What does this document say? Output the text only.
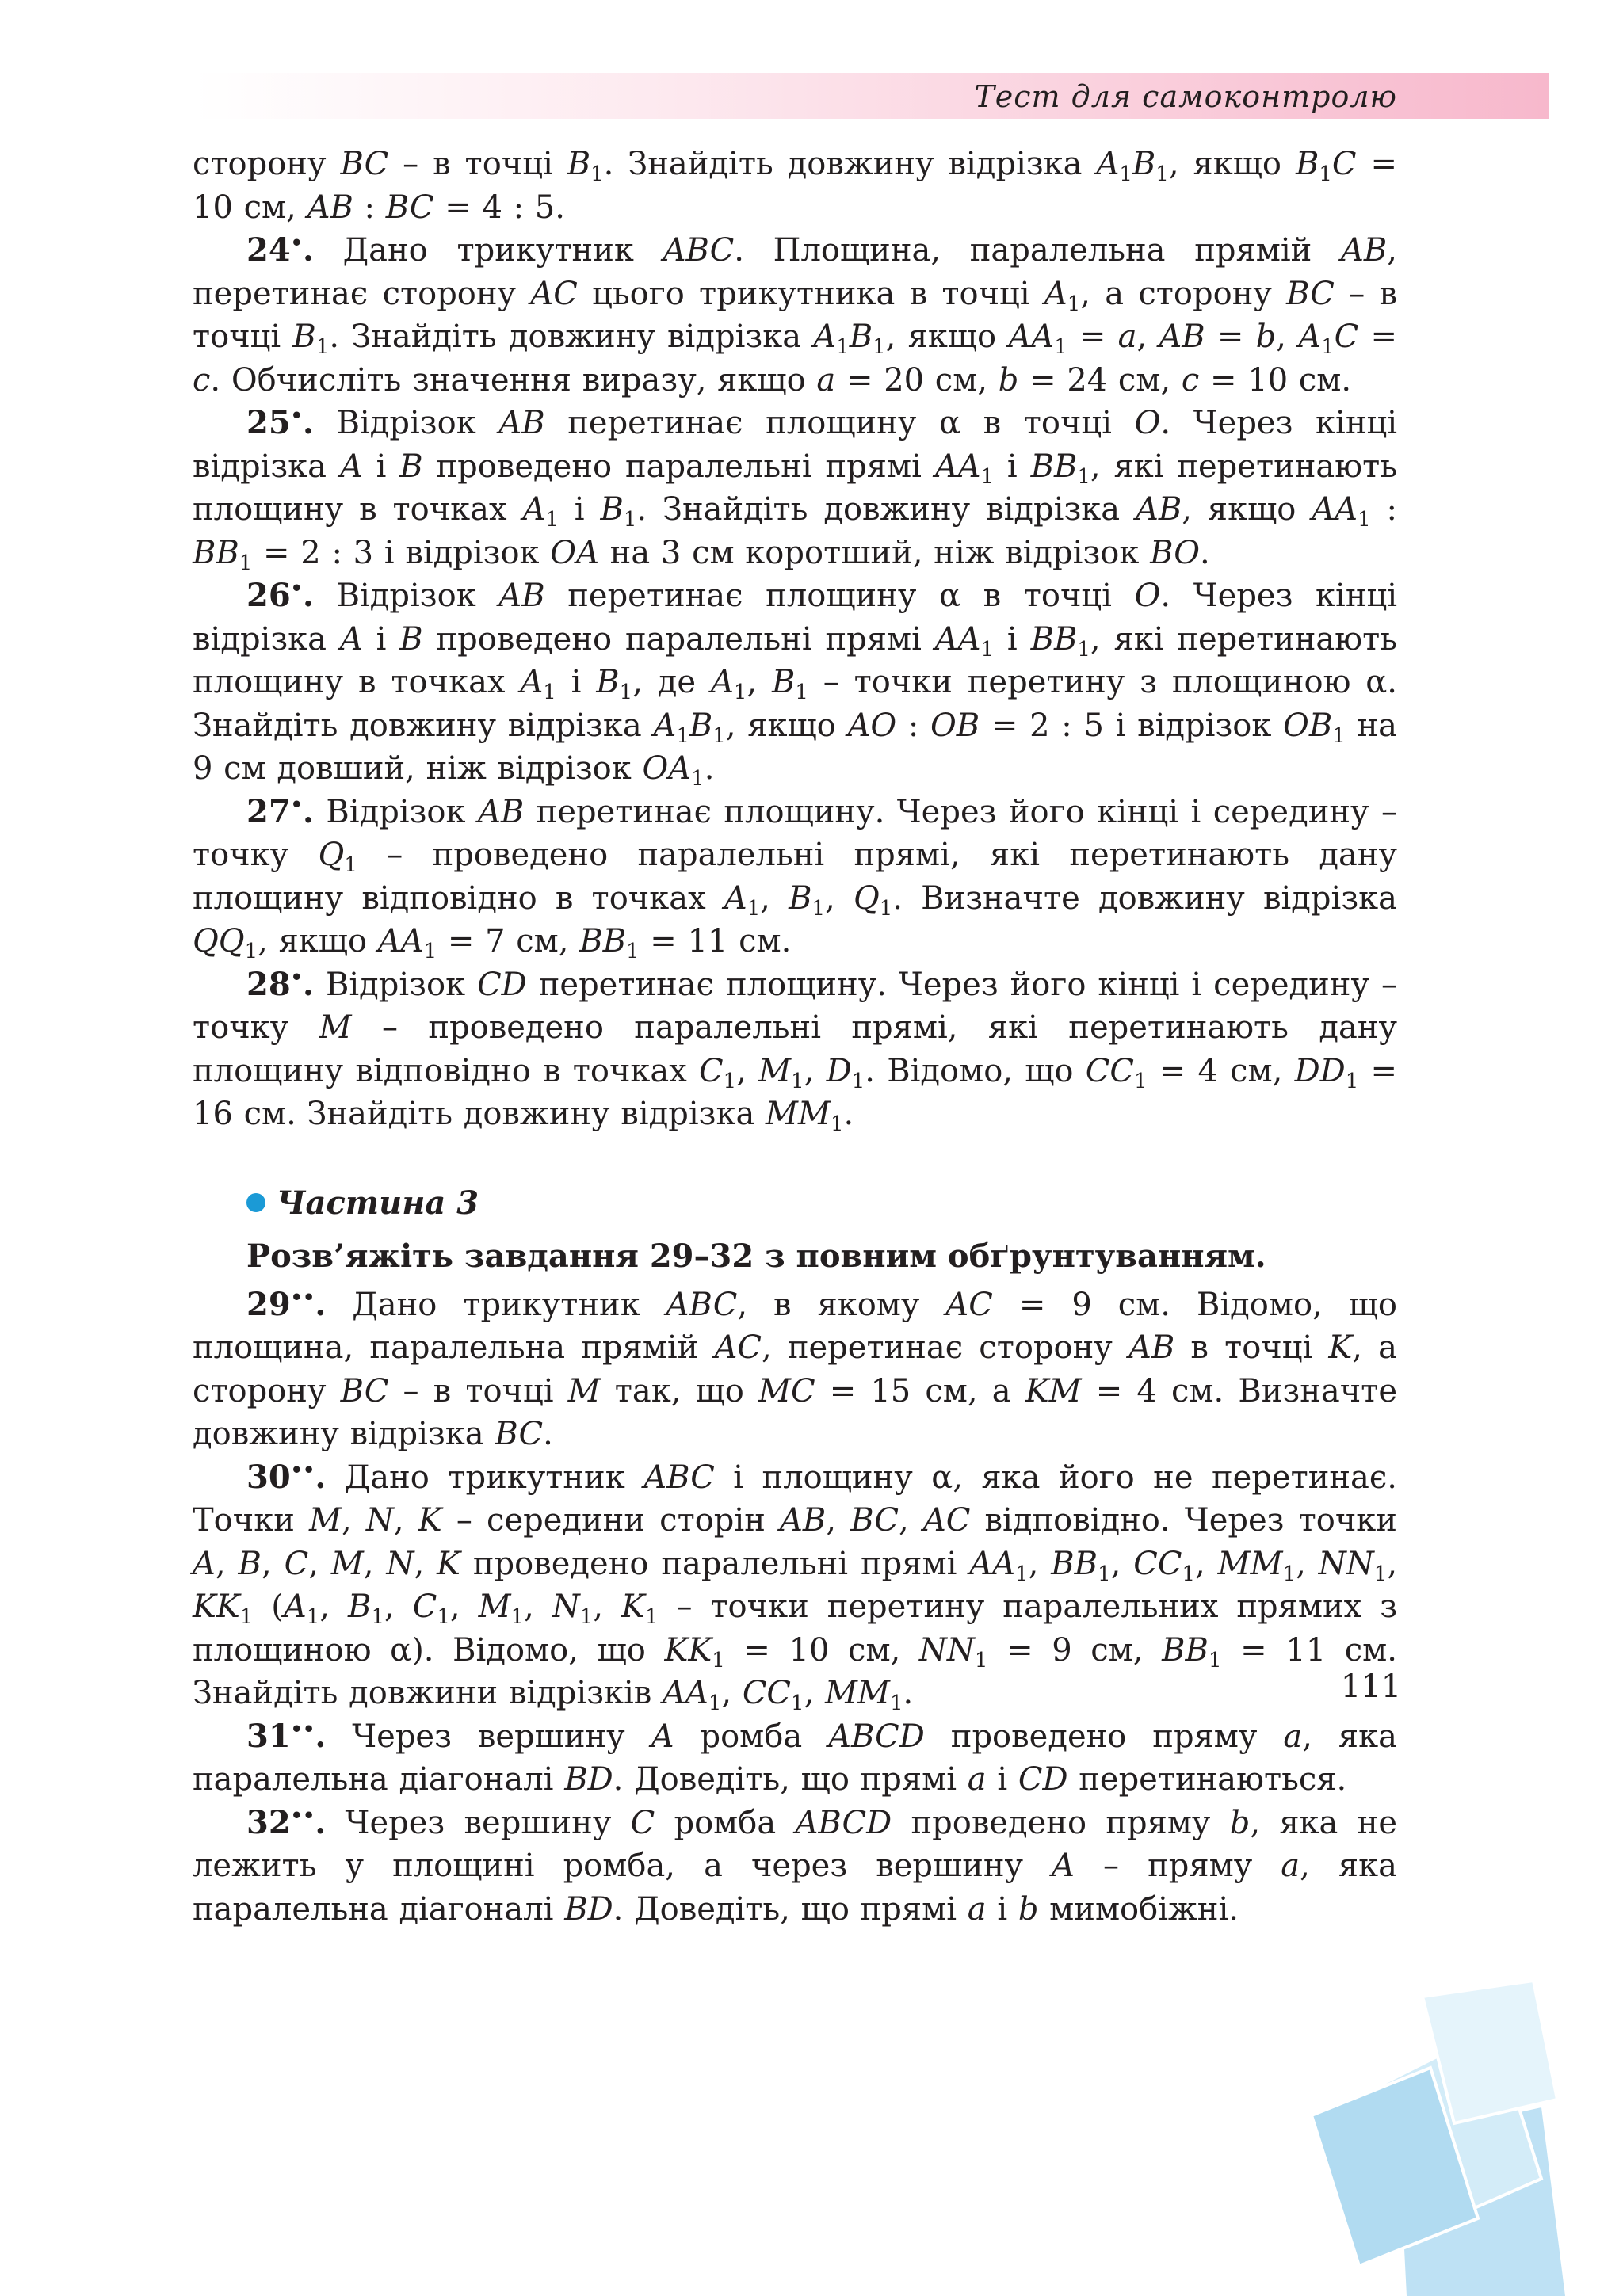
Тест для самоконтролю

сторону BC – в точці $B_1$. Знайдіть довжину відрізка $A_1B_1$, якщо $B_1C = 10$ см, AB : BC = 4 : 5.

24•. Дано трикутник ABC. Площина, паралельна прямій AB, перетинає сторону AC цього трикутника в точці $A_1$, а сторону BC – в точці $B_1$. Знайдіть довжину відрізка $A_1B_1$, якщо $AA_1 = a$, AB = b, $A_1C = c$. Обчисліть значення виразу, якщо a = 20 см, b = 24 см, c = 10 см.

25•. Відрізок AB перетинає площину α в точці O. Через кінці відрізка A і B проведено паралельні прямі $AA_1$ і $BB_1$, які перетинають площину в точках $A_1$ і $B_1$. Знайдіть довжину відрізка AB, якщо $AA_1$ : $BB_1 = 2$ : 3 і відрізок OA на 3 см коротший, ніж відрізок BO.

26•. Відрізок AB перетинає площину α в точці O. Через кінці відрізка A і B проведено паралельні прямі $AA_1$ і $BB_1$, які перетинають площину в точках $A_1$ і $B_1$, де $A_1$, $B_1$ – точки перетину з площиною α. Знайдіть довжину відрізка $A_1B_1$, якщо AO : OB = 2 : 5 і відрізок $OB_1$ на 9 см довший, ніж відрізок $OA_1$.

27•. Відрізок AB перетинає площину. Через його кінці і середину – точку $Q_1$ – проведено паралельні прямі, які перетинають дану площину відповідно в точках $A_1$, $B_1$, $Q_1$. Визначте довжину відрізка $QQ_1$, якщо $AA_1 = 7$ см, $BB_1 = 11$ см.

28•. Відрізок CD перетинає площину. Через його кінці і середину – точку M – проведено паралельні прямі, які перетинають дану площину відповідно в точках $C_1$, $M_1$, $D_1$. Відомо, що $CC_1 = 4$ см, $DD_1 = 16$ см. Знайдіть довжину відрізка $MM_1$.

Частина 3
Розв’яжіть завдання 29–32 з повним обґрунтуванням.

29••. Дано трикутник ABC, в якому AC = 9 см. Відомо, що площина, паралельна прямій AC, перетинає сторону AB в точці K, а сторону BC – в точці M так, що MC = 15 см, а KM = 4 см. Визначте довжину відрізка BC.

30••. Дано трикутник ABC і площину α, яка його не перетинає. Точки M, N, K – середини сторін AB, BC, AC відповідно. Через точки A, B, C, M, N, K проведено паралельні прямі $AA_1$, $BB_1$, $CC_1$, $MM_1$, $NN_1$, $KK_1$ ($A_1$, $B_1$, $C_1$, $M_1$, $N_1$, $K_1$ – точки перетину паралельних прямих з площиною α). Відомо, що $KK_1 = 10$ см, $NN_1 = 9$ см, $BB_1 = 11$ см. Знайдіть довжини відрізків $AA_1$, $CC_1$, $MM_1$.

31••. Через вершину A ромба ABCD проведено пряму a, яка паралельна діагоналі BD. Доведіть, що прямі a і CD перетинаються.

32••. Через вершину C ромба ABCD проведено пряму b, яка не лежить у площині ромба, а через вершину A – пряму a, яка паралельна діагоналі BD. Доведіть, що прямі a і b мимобіжні.

111
